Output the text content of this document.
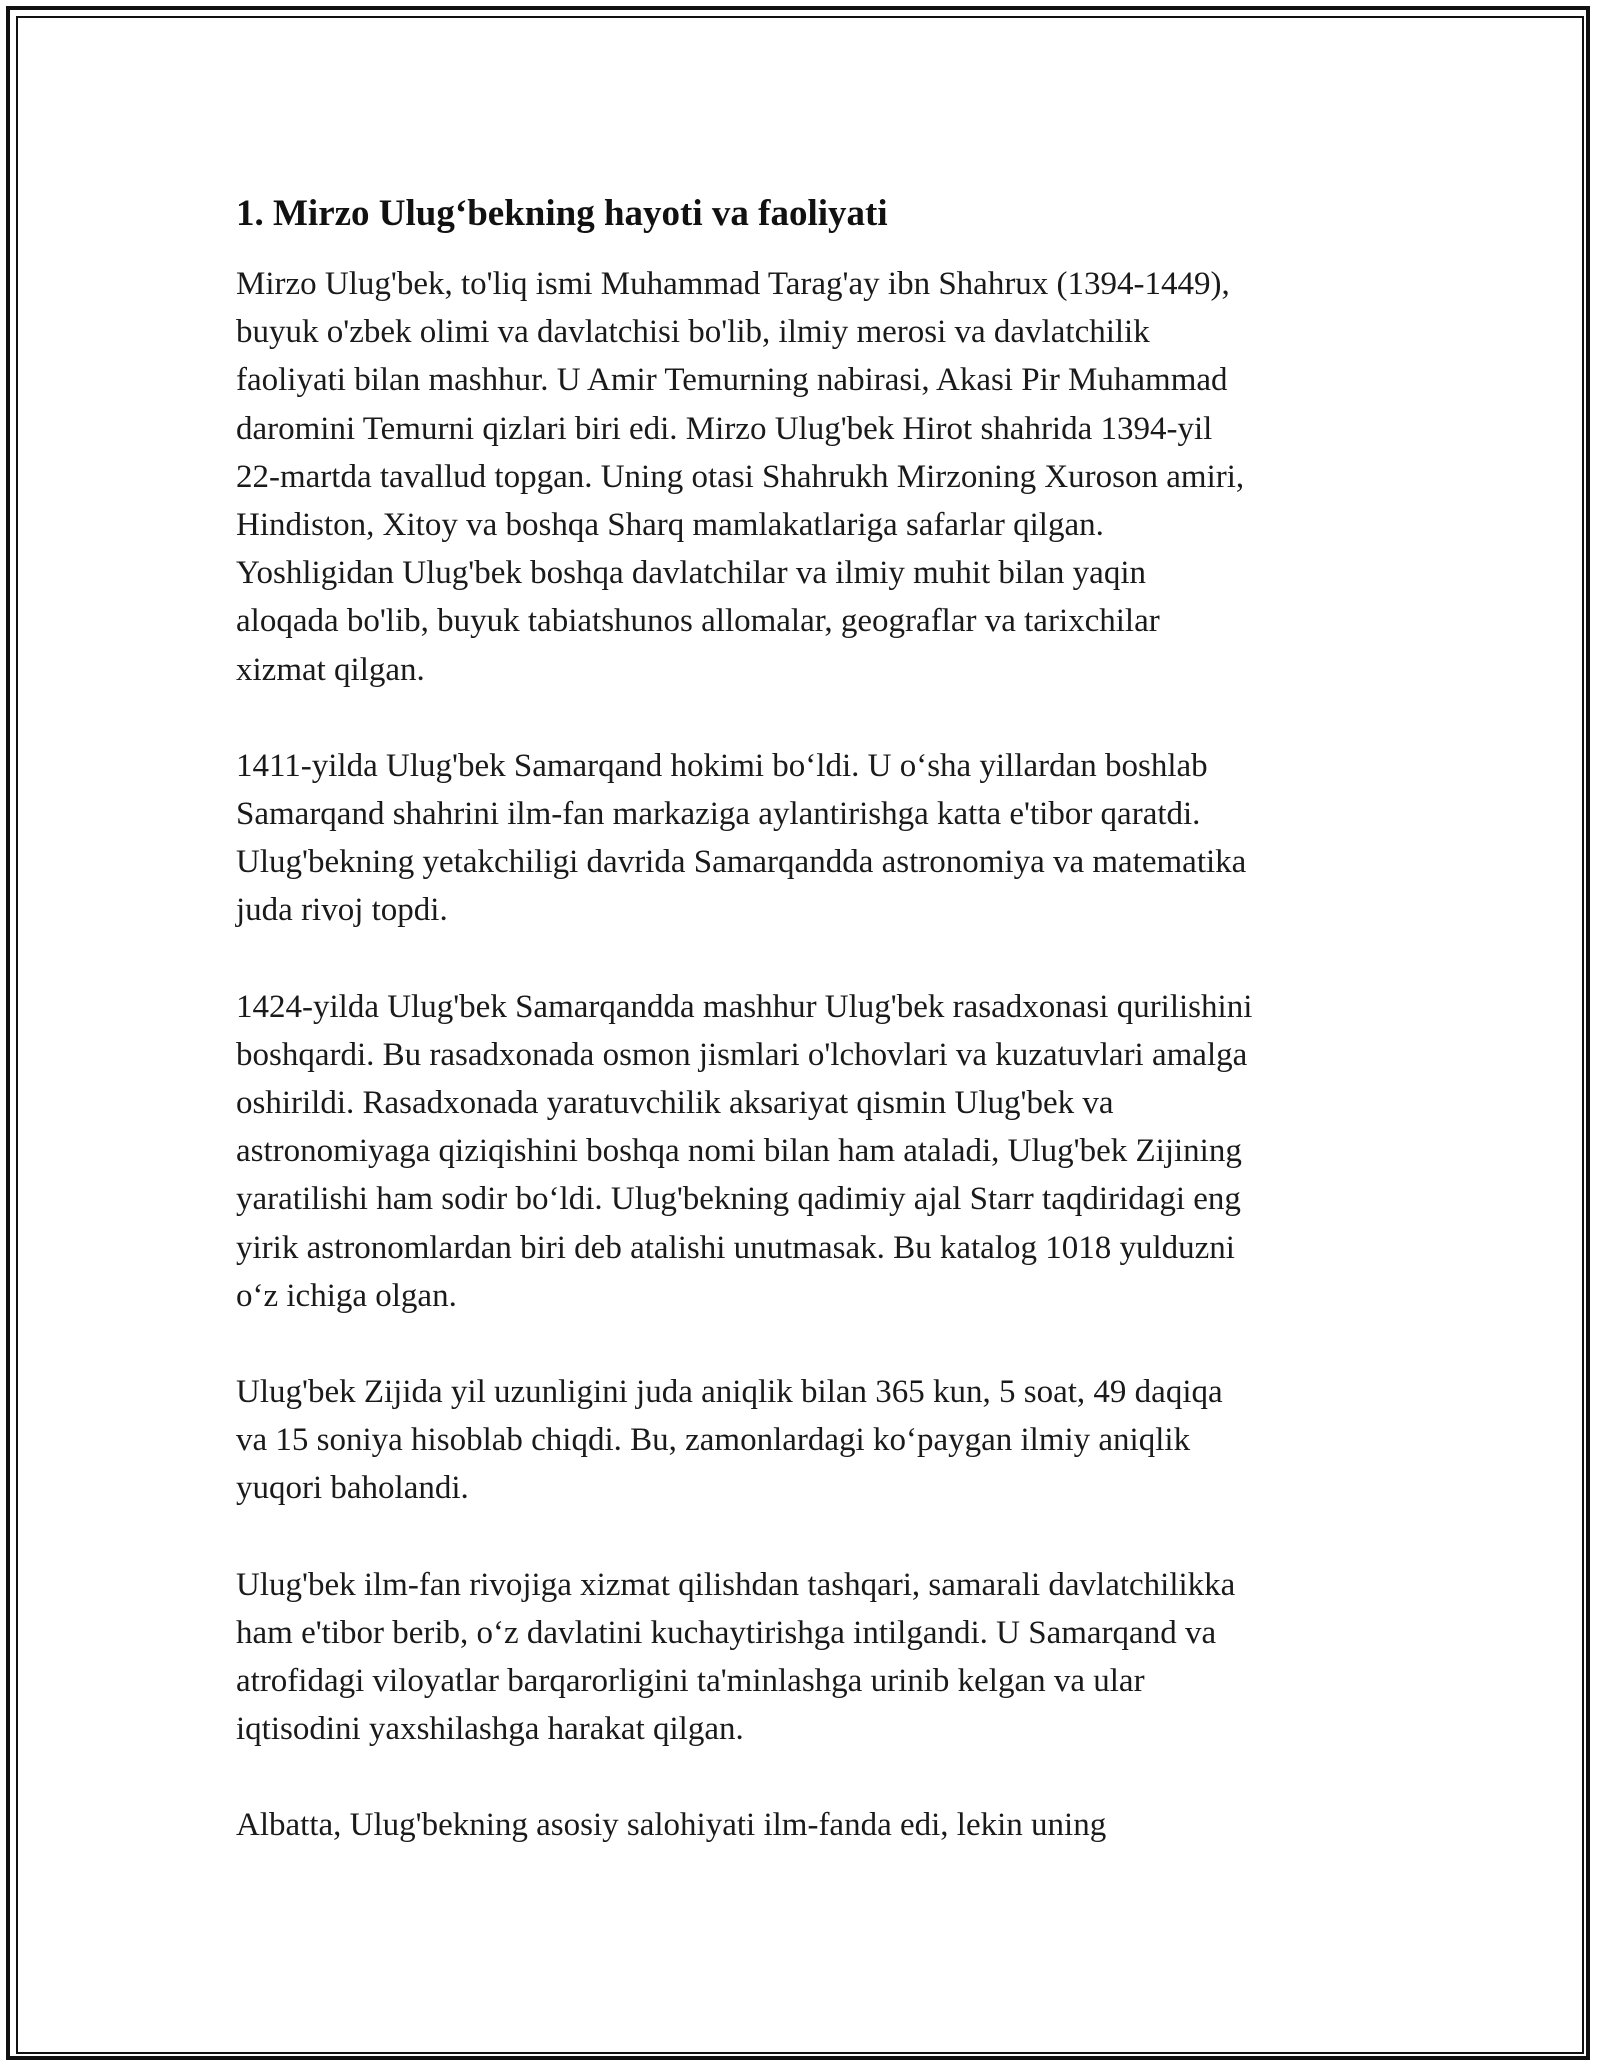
1. Mirzo Ulug‘bekning hayoti va faoliyati

Mirzo Ulug'bek, to'liq ismi Muhammad Tarag'ay ibn Shahrux (1394-1449),
buyuk o'zbek olimi va davlatchisi bo'lib, ilmiy merosi va davlatchilik
faoliyati bilan mashhur. U Amir Temurning nabirasi, Akasi Pir Muhammad
daromini Temurni qizlari biri edi. Mirzo Ulug'bek Hirot shahrida 1394-yil
22-martda tavallud topgan. Uning otasi Shahrukh Mirzoning Xuroson amiri,
Hindiston, Xitoy va boshqa Sharq mamlakatlariga safarlar qilgan.
Yoshligidan Ulug'bek boshqa davlatchilar va ilmiy muhit bilan yaqin
aloqada bo'lib, buyuk tabiatshunos allomalar, geograflar va tarixchilar
xizmat qilgan.

1411-yilda Ulug'bek Samarqand hokimi bo‘ldi. U o‘sha yillardan boshlab
Samarqand shahrini ilm-fan markaziga aylantirishga katta e'tibor qaratdi.
Ulug'bekning yetakchiligi davrida Samarqandda astronomiya va matematika
juda rivoj topdi.

1424-yilda Ulug'bek Samarqandda mashhur Ulug'bek rasadxonasi qurilishini
boshqardi. Bu rasadxonada osmon jismlari o'lchovlari va kuzatuvlari amalga
oshirildi. Rasadxonada yaratuvchilik aksariyat qismin Ulug'bek va
astronomiyaga qiziqishini boshqa nomi bilan ham ataladi, Ulug'bek Zijining
yaratilishi ham sodir bo‘ldi. Ulug'bekning qadimiy ajal Starr taqdiridagi eng
yirik astronomlardan biri deb atalishi unutmasak. Bu katalog 1018 yulduzni
o‘z ichiga olgan.

Ulug'bek Zijida yil uzunligini juda aniqlik bilan 365 kun, 5 soat, 49 daqiqa
va 15 soniya hisoblab chiqdi. Bu, zamonlardagi ko‘paygan ilmiy aniqlik
yuqori baholandi.

Ulug'bek ilm-fan rivojiga xizmat qilishdan tashqari, samarali davlatchilikka
ham e'tibor berib, o‘z davlatini kuchaytirishga intilgandi. U Samarqand va
atrofidagi viloyatlar barqarorligini ta'minlashga urinib kelgan va ular
iqtisodini yaxshilashga harakat qilgan.

Albatta, Ulug'bekning asosiy salohiyati ilm-fanda edi, lekin uning
